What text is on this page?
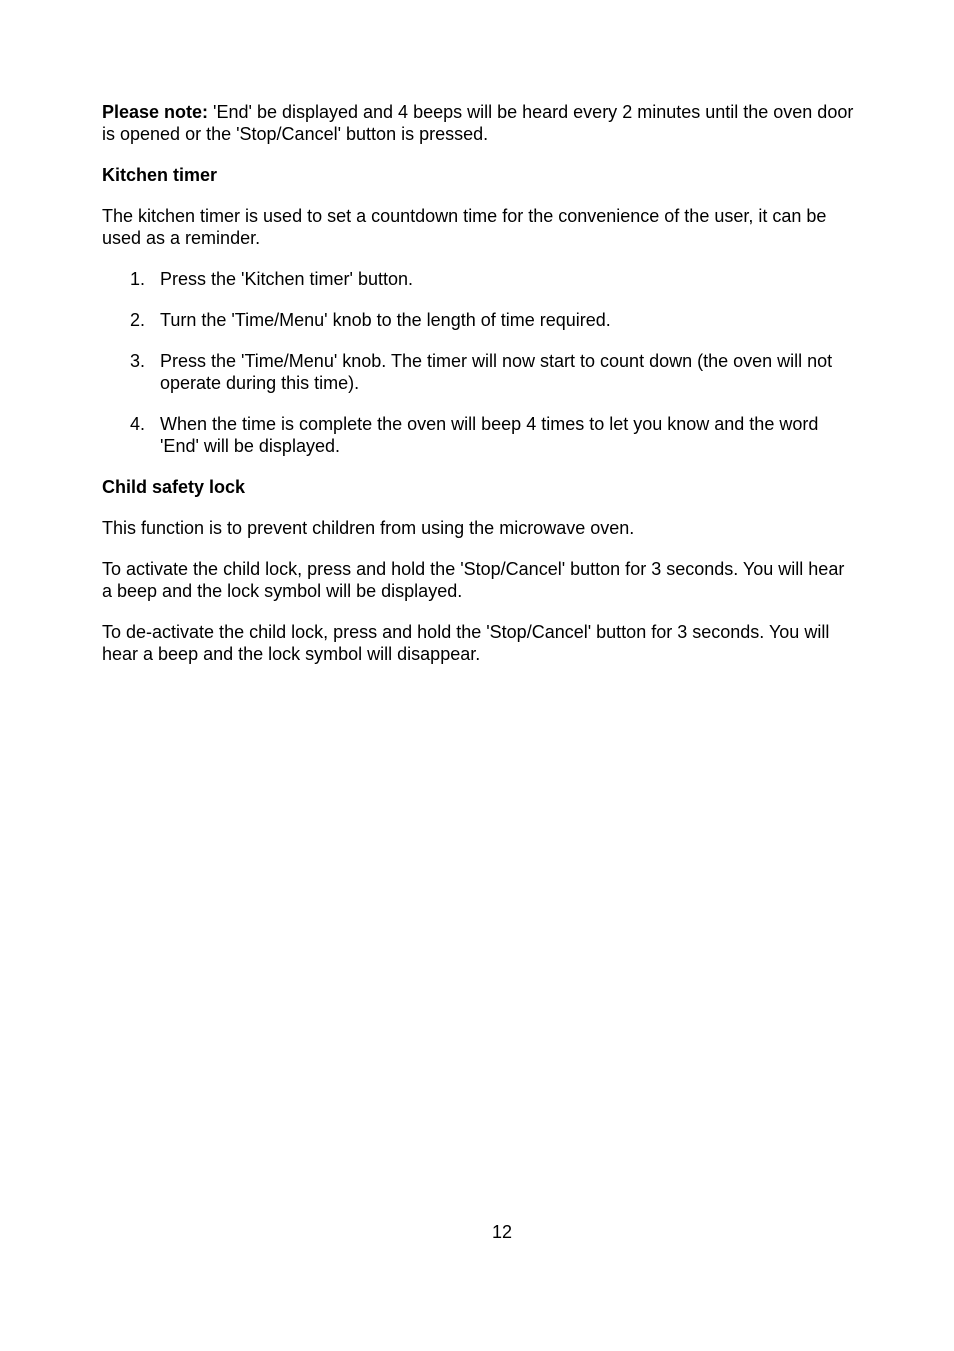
Please note: 'End' be displayed and 4 beeps will be heard every 2 minutes until the oven door is opened or the 'Stop/Cancel' button is pressed.

Kitchen timer

The kitchen timer is used to set a countdown time for the convenience of the user, it can be used as a reminder.

1. Press the 'Kitchen timer' button.
2. Turn the 'Time/Menu' knob to the length of time required.
3. Press the 'Time/Menu' knob. The timer will now start to count down (the oven will not operate during this time).
4. When the time is complete the oven will beep 4 times to let you know and the word 'End' will be displayed.
Child safety lock

This function is to prevent children from using the microwave oven.

To activate the child lock, press and hold the 'Stop/Cancel' button for 3 seconds. You will hear a beep and the lock symbol will be displayed.

To de-activate the child lock, press and hold the 'Stop/Cancel' button for 3 seconds. You will hear a beep and the lock symbol will disappear.

12
